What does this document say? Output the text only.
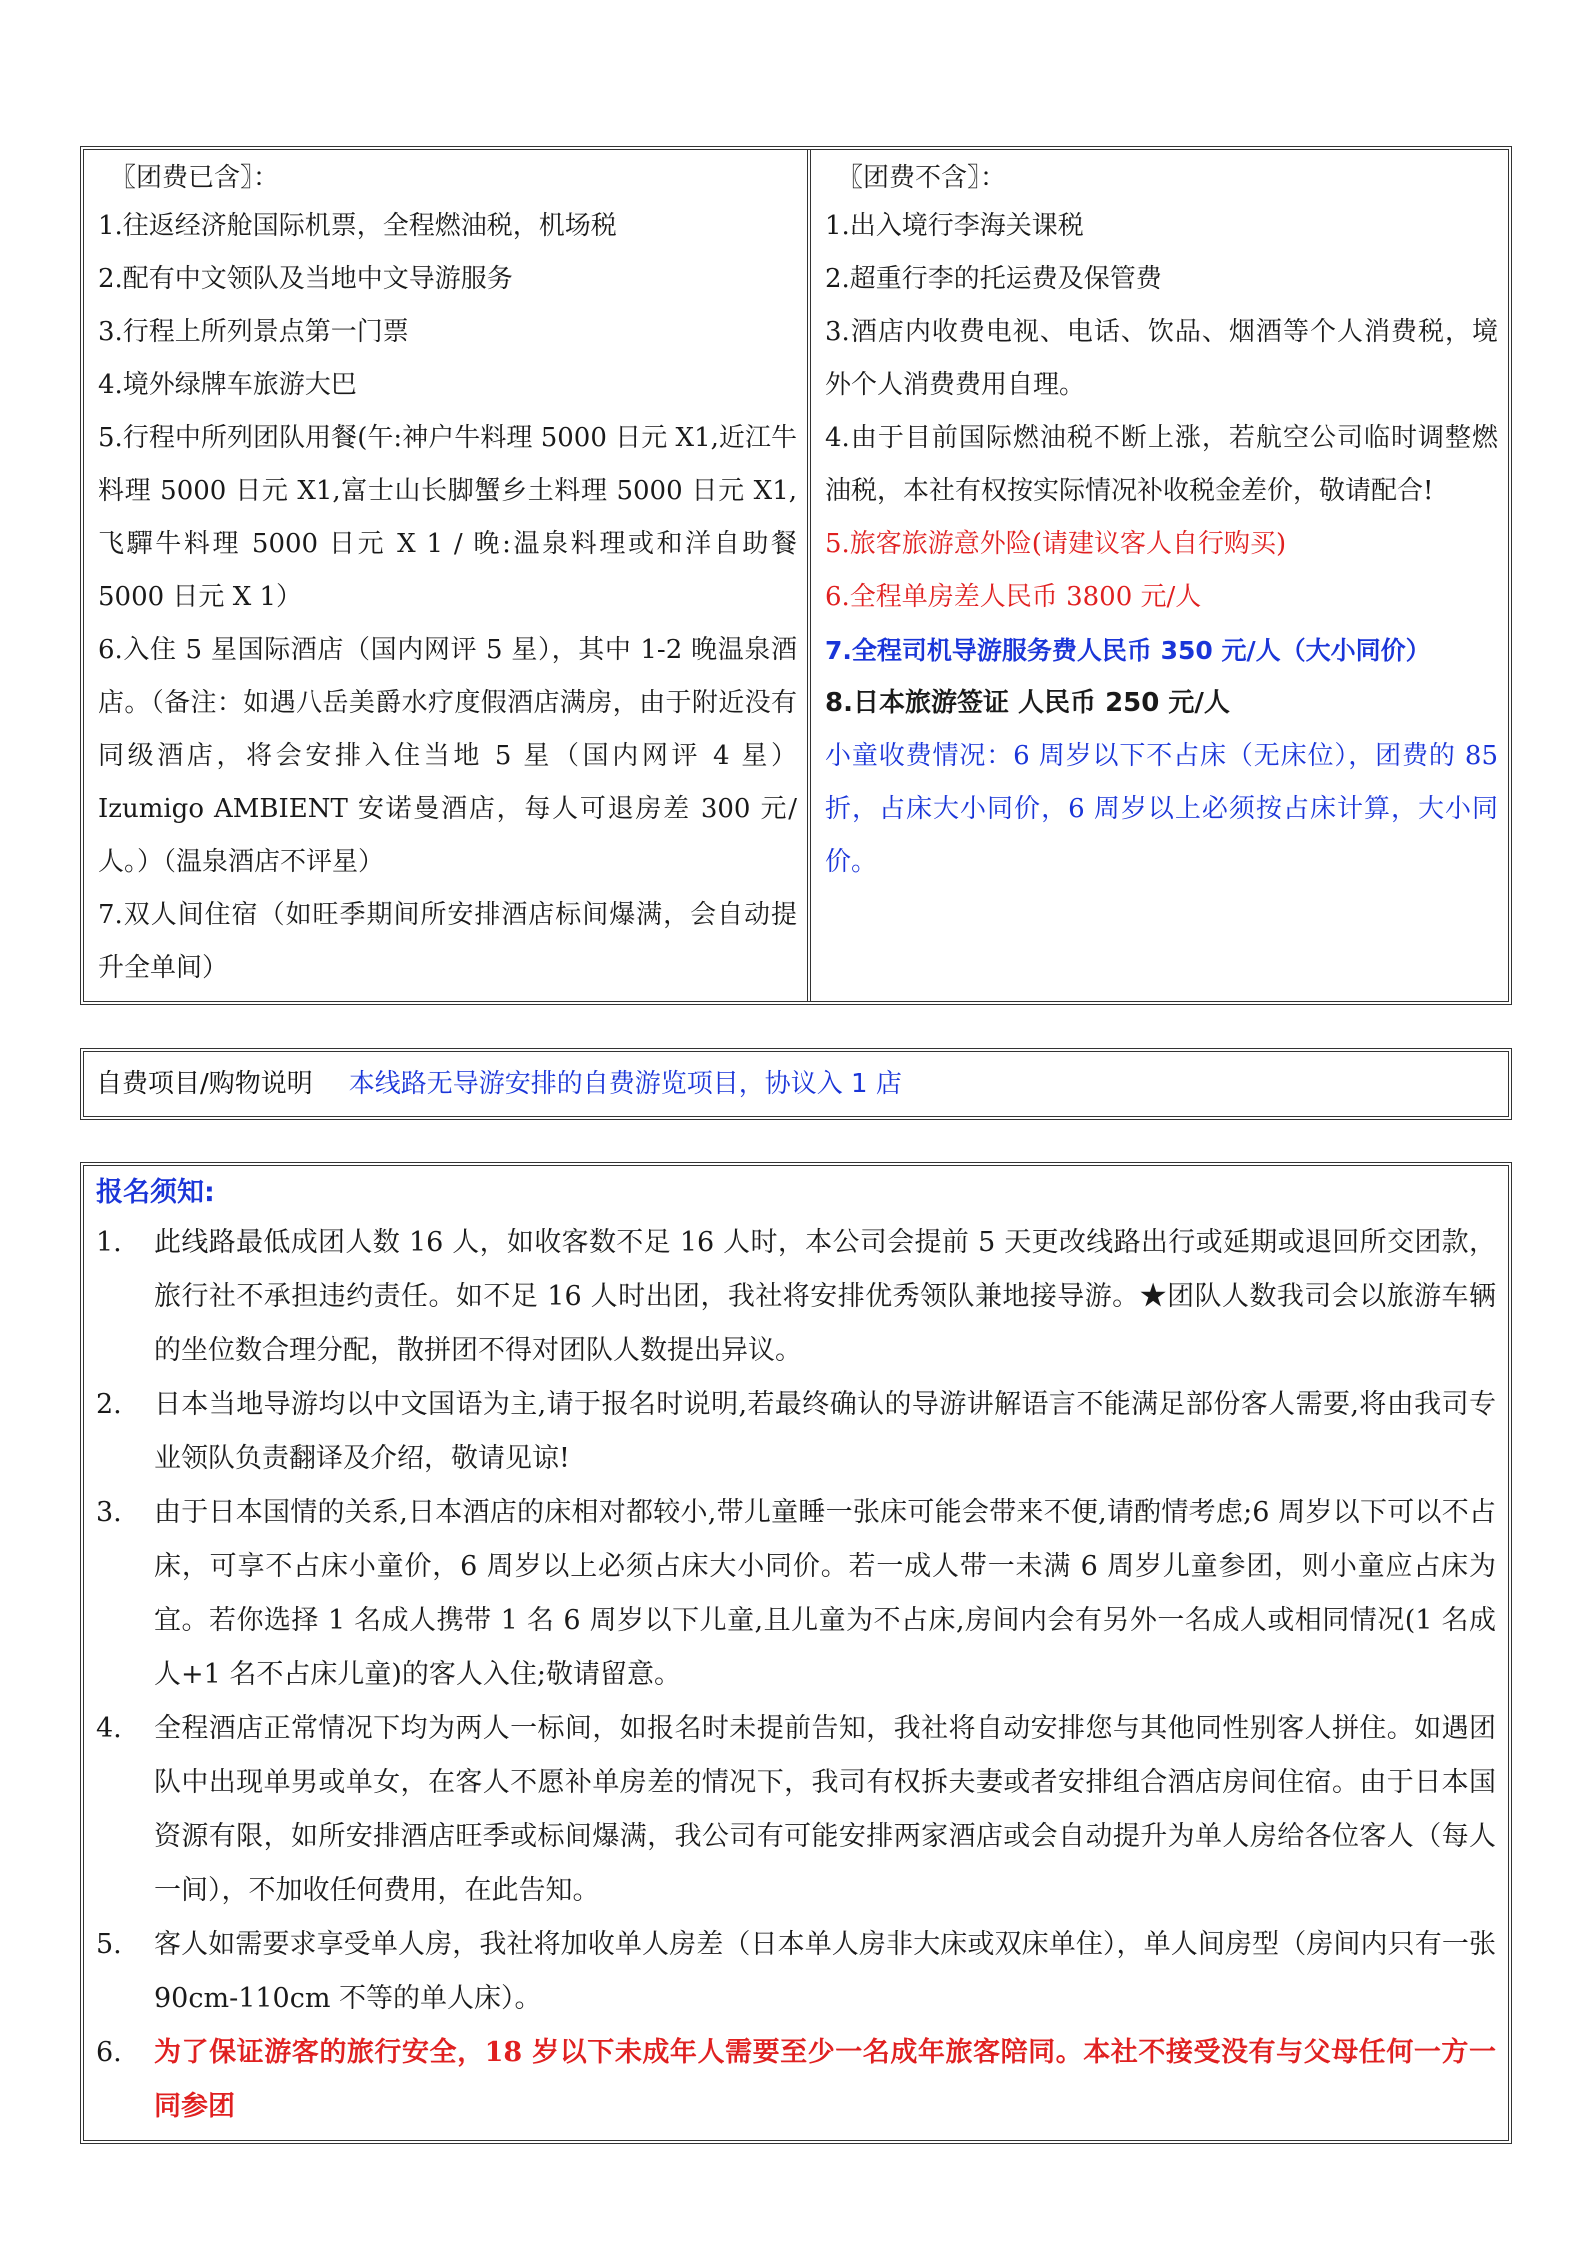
〖团费已含〗：

1.往返经济舱国际机票，全程燃油税，机场税

2.配有中文领队及当地中文导游服务

3.行程上所列景点第一门票

4.境外绿牌车旅游大巴

5.行程中所列团队用餐(午:神户牛料理 5000 日元 X1,近江牛料理 5000 日元 X1,富士山长脚蟹乡土料理 5000 日元 X1,飞驒牛料理 5000 日元 X 1 / 晚:温泉料理或和洋自助餐 5000 日元 X 1）

6.入住 5 星国际酒店（国内网评 5 星），其中 1-2 晚温泉酒店。（备注：如遇八岳美爵水疗度假酒店满房，由于附近没有同级酒店，将会安排入住当地 5 星（国内网评 4 星）Izumigo AMBIENT 安诺曼酒店，每人可退房差 300 元/人。）（温泉酒店不评星）

7.双人间住宿（如旺季期间所安排酒店标间爆满，会自动提升全单间）

〖团费不含〗：

1.出入境行李海关课税

2.超重行李的托运费及保管费

3.酒店内收费电视、电话、饮品、烟酒等个人消费税，境外个人消费费用自理。

4.由于目前国际燃油税不断上涨，若航空公司临时调整燃油税，本社有权按实际情况补收税金差价，敬请配合!

5.旅客旅游意外险(请建议客人自行购买)

6.全程单房差人民币 3800 元/人

7.全程司机导游服务费人民币 350 元/人（大小同价）

8.日本旅游签证 人民币 250 元/人

小童收费情况：6 周岁以下不占床（无床位），团费的 85 折，占床大小同价，6 周岁以上必须按占床计算，大小同价。

自费项目/购物说明 本线路无导游安排的自费游览项目，协议入 1 店
报名须知:
1.	此线路最低成团人数 16 人，如收客数不足 16 人时，本公司会提前 5 天更改线路出行或延期或退回所交团款，旅行社不承担违约责任。如不足 16 人时出团，我社将安排优秀领队兼地接导游。★团队人数我司会以旅游车辆的坐位数合理分配，散拼团不得对团队人数提出异议。
2.	日本当地导游均以中文国语为主,请于报名时说明,若最终确认的导游讲解语言不能满足部份客人需要,将由我司专业领队负责翻译及介绍，敬请见谅!
3.	由于日本国情的关系,日本酒店的床相对都较小,带儿童睡一张床可能会带来不便,请酌情考虑;6 周岁以下可以不占床，可享不占床小童价，6 周岁以上必须占床大小同价。若一成人带一未满 6 周岁儿童参团，则小童应占床为宜。若你选择 1 名成人携带 1 名 6 周岁以下儿童,且儿童为不占床,房间内会有另外一名成人或相同情况(1 名成人+1 名不占床儿童)的客人入住;敬请留意。
4.	全程酒店正常情况下均为两人一标间，如报名时未提前告知，我社将自动安排您与其他同性别客人拼住。如遇团队中出现单男或单女，在客人不愿补单房差的情况下，我司有权拆夫妻或者安排组合酒店房间住宿。由于日本国资源有限，如所安排酒店旺季或标间爆满，我公司有可能安排两家酒店或会自动提升为单人房给各位客人（每人一间），不加收任何费用，在此告知。
5.	客人如需要求享受单人房，我社将加收单人房差（日本单人房非大床或双床单住），单人间房型（房间内只有一张 90cm-110cm 不等的单人床）。
6.	为了保证游客的旅行安全，18 岁以下未成年人需要至少一名成年旅客陪同。本社不接受没有与父母任何一方一同参团
